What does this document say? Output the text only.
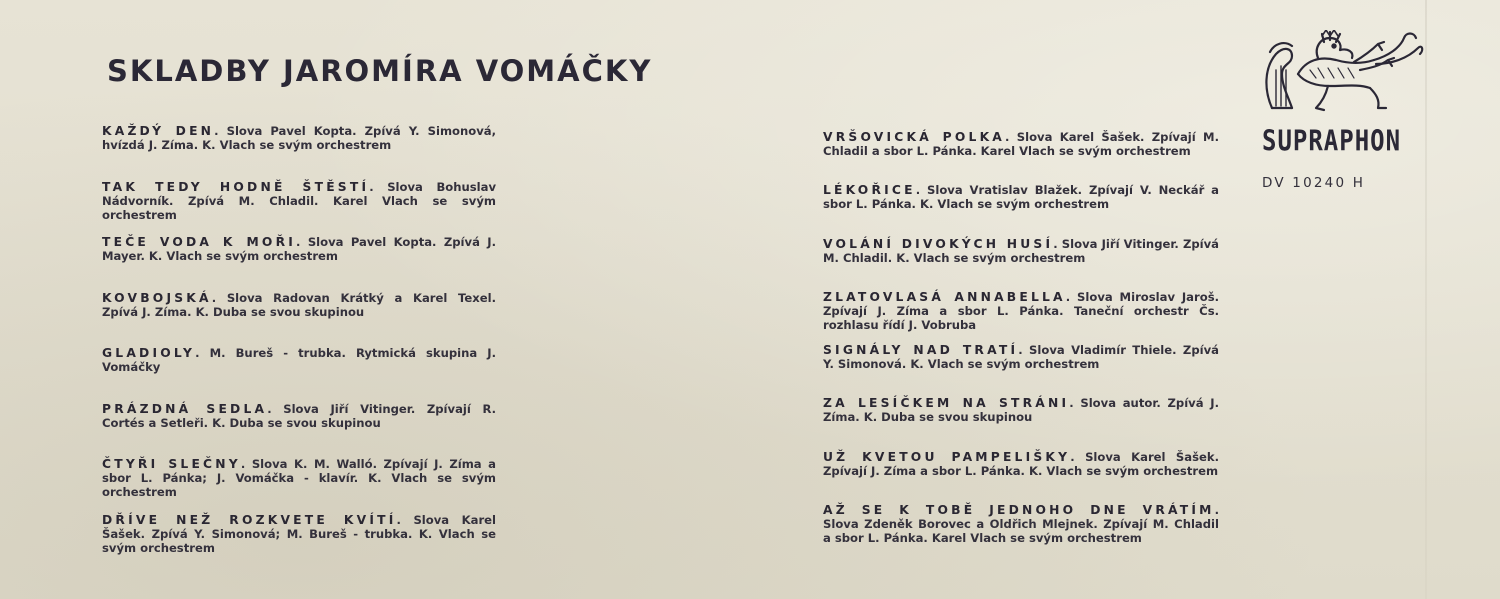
SKLADBY JAROMÍRA VOMÁČKY

KAŽDÝ DEN. Slova Pavel Kopta. Zpívá Y. Simonová, hvízdá J. Zíma. K. Vlach se svým orchestrem

TAK TEDY HODNĚ ŠTĚSTÍ. Slova Bohuslav Nádvorník. Zpívá M. Chladil. Karel Vlach se svým orchestrem

TEČE VODA K MOŘI. Slova Pavel Kopta. Zpívá J. Mayer. K. Vlach se svým orchestrem

KOVBOJSKÁ. Slova Radovan Krátký a Karel Texel. Zpívá J. Zíma. K. Duba se svou skupinou

GLADIOLY. M. Bureš - trubka. Rytmická skupina J. Vomáčky

PRÁZDNÁ SEDLA. Slova Jiří Vitinger. Zpívají R. Cortés a Setleři. K. Duba se svou skupinou

ČTYŘI SLEČNY. Slova K. M. Walló. Zpívají J. Zíma a sbor L. Pánka; J. Vomáčka - klavír. K. Vlach se svým orchestrem

DŘÍVE NEŽ ROZKVETE KVÍTÍ. Slova Karel Šašek. Zpívá Y. Simonová; M. Bureš - trubka. K. Vlach se svým orchestrem

VRŠOVICKÁ POLKA. Slova Karel Šašek. Zpívají M. Chladil a sbor L. Pánka. Karel Vlach se svým orchestrem

LÉKOŘICE. Slova Vratislav Blažek. Zpívají V. Neckář a sbor L. Pánka. K. Vlach se svým orchestrem

VOLÁNÍ DIVOKÝCH HUSÍ. Slova Jiří Vitinger. Zpívá M. Chladil. K. Vlach se svým orchestrem

ZLATOVLASÁ ANNABELLA. Slova Miroslav Jaroš. Zpívají J. Zíma a sbor L. Pánka. Taneční orchestr Čs. rozhlasu řídí J. Vobruba

SIGNÁLY NAD TRATÍ. Slova Vladimír Thiele. Zpívá Y. Simonová. K. Vlach se svým orchestrem

ZA LESÍČKEM NA STRÁNI. Slova autor. Zpívá J. Zíma. K. Duba se svou skupinou

UŽ KVETOU PAMPELIŠKY. Slova Karel Šašek. Zpívají J. Zíma a sbor L. Pánka. K. Vlach se svým orchestrem

AŽ SE K TOBĚ JEDNOHO DNE VRÁTÍM. Slova Zdeněk Borovec a Oldřich Mlejnek. Zpívají M. Chladil a sbor L. Pánka. Karel Vlach se svým orchestrem

SUPRAPHON

DV 10240 H
